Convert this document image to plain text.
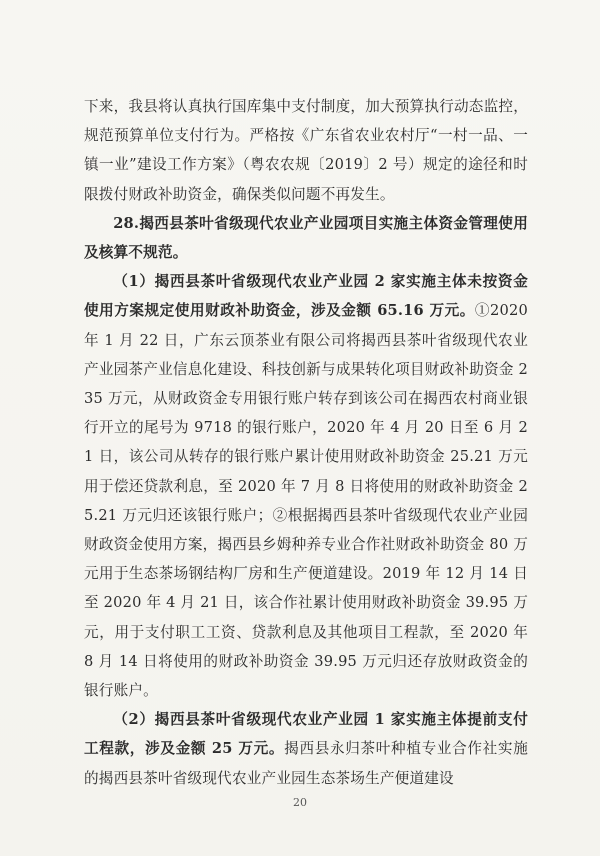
下来，我县将认真执行国库集中支付制度，加大预算执行动态监控，规范预算单位支付行为。严格按《广东省农业农村厅“一村一品、一镇一业”建设工作方案》（粤农农规〔2019〕2 号）规定的途径和时限拨付财政补助资金，确保类似问题不再发生。

28.揭西县茶叶省级现代农业产业园项目实施主体资金管理使用及核算不规范。

（1）揭西县茶叶省级现代农业产业园 2 家实施主体未按资金使用方案规定使用财政补助资金，涉及金额 65.16 万元。①2020 年 1 月 22 日，广东云顶茶业有限公司将揭西县茶叶省级现代农业产业园茶产业信息化建设、科技创新与成果转化项目财政补助资金 235 万元，从财政资金专用银行账户转存到该公司在揭西农村商业银行开立的尾号为 9718 的银行账户，2020 年 4 月 20 日至 6 月 21 日，该公司从转存的银行账户累计使用财政补助资金 25.21 万元用于偿还贷款利息，至 2020 年 7 月 8 日将使用的财政补助资金 25.21 万元归还该银行账户；②根据揭西县茶叶省级现代农业产业园财政资金使用方案，揭西县乡姆种养专业合作社财政补助资金 80 万元用于生态茶场钢结构厂房和生产便道建设。2019 年 12 月 14 日至 2020 年 4 月 21 日，该合作社累计使用财政补助资金 39.95 万元，用于支付职工工资、贷款利息及其他项目工程款，至 2020 年 8 月 14 日将使用的财政补助资金 39.95 万元归还存放财政资金的银行账户。

（2）揭西县茶叶省级现代农业产业园 1 家实施主体提前支付工程款，涉及金额 25 万元。揭西县永归茶叶种植专业合作社实施的揭西县茶叶省级现代农业产业园生态茶场生产便道建设

20
